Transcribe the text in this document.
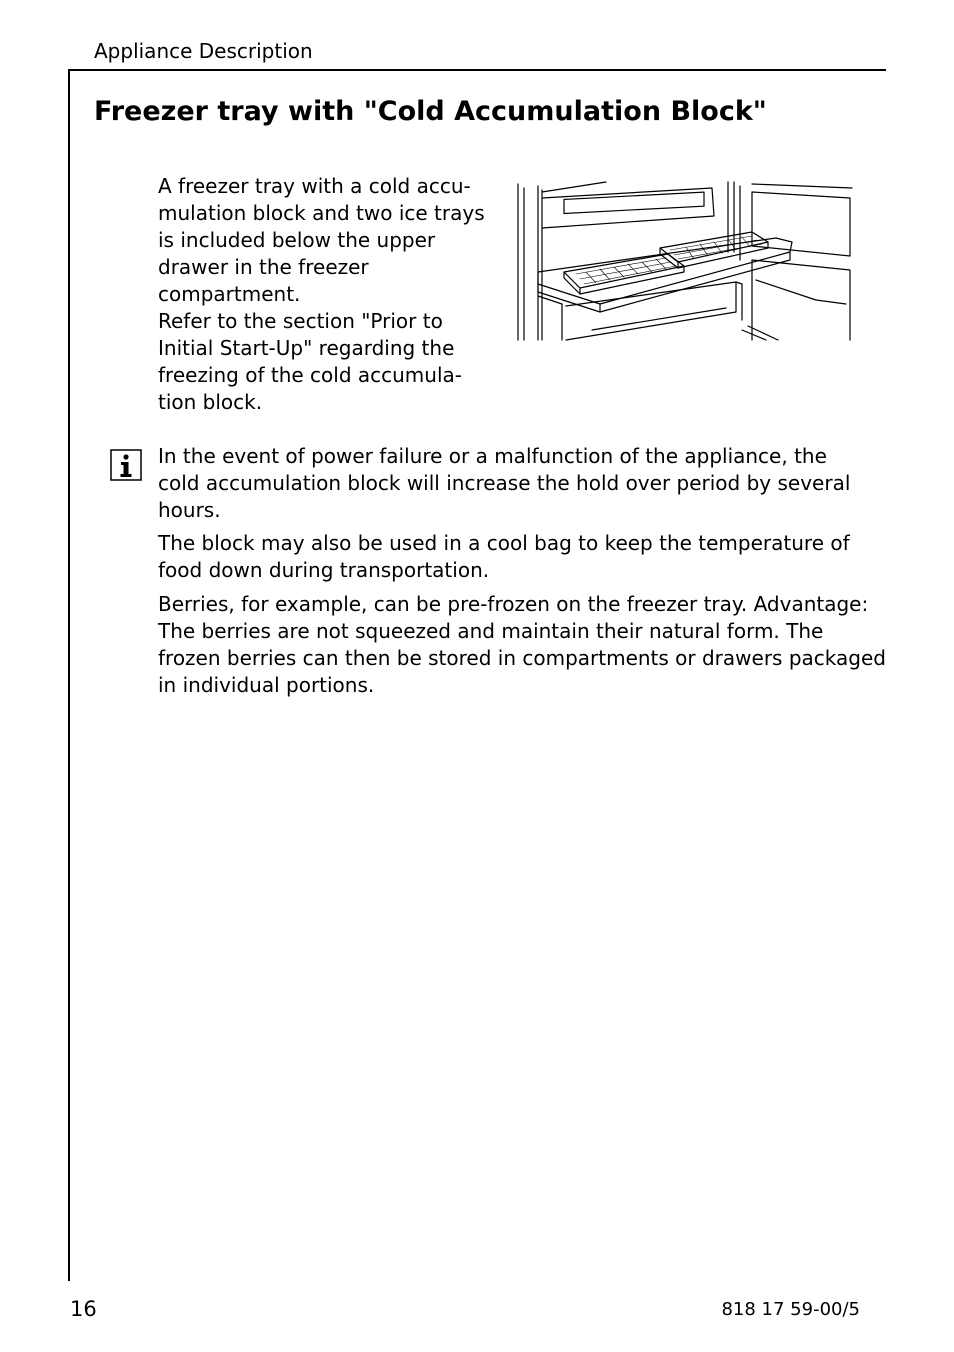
Appliance Description
Freezer tray with "Cold Accumulation Block"

A freezer tray with a cold accu-
mulation block and two ice trays
is included below the upper
drawer in the freezer
compartment.
Refer to the section "Prior to
Initial Start-Up" regarding the
freezing of the cold accumula-
tion block.

In the event of power failure or a malfunction of the appliance, the
cold accumulation block will increase the hold over period by several
hours.

The block may also be used in a cool bag to keep the temperature of
food down during transportation.

Berries, for example, can be pre-frozen on the freezer tray. Advantage:
The berries are not squeezed and maintain their natural form. The
frozen berries can then be stored in compartments or drawers packaged
in individual portions.

16	818 17 59-00/5
